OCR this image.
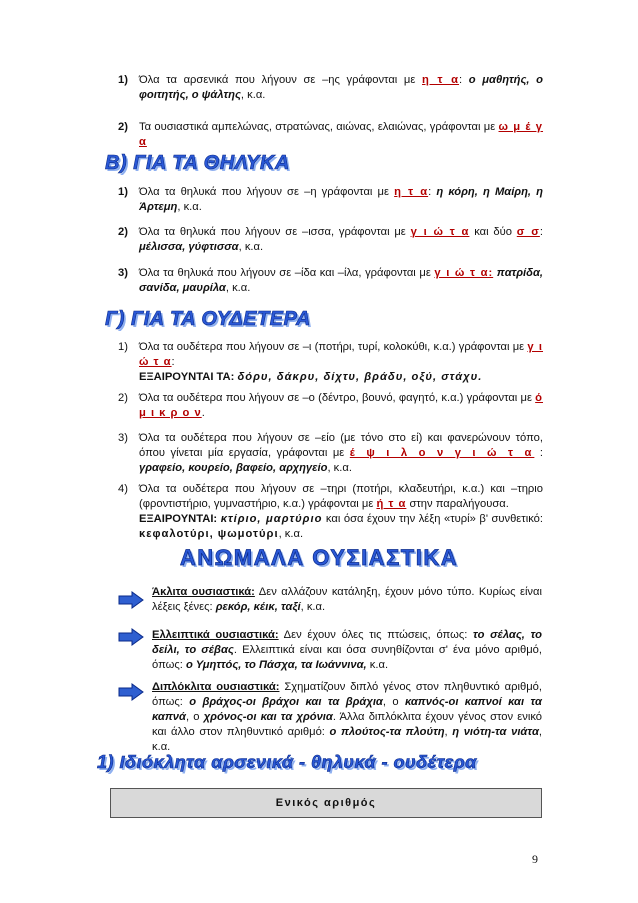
1) Όλα τα αρσενικά που λήγουν σε –ης γράφονται με η τ α: ο μαθητής, ο φοιτητής, ο ψάλτης, κ.α.
2) Τα ουσιαστικά αμπελώνας, στρατώνας, αιώνας, ελαιώνας, γράφονται με ω μ έ γ α
Β) ΓΙΑ ΤΑ ΘΗΛΥΚΑ
1) Όλα τα θηλυκά που λήγουν σε –η γράφονται με η τ α: η κόρη, η Μαίρη, η Άρτεμη, κ.α.
2) Όλα τα θηλυκά που λήγουν σε –ισσα, γράφονται με γ ι ώ τ α και δύο σ σ: μέλισσα, γύφτισσα, κ.α.
3) Όλα τα θηλυκά που λήγουν σε –ίδα και –ίλα, γράφονται με γ ι ώ τ α: πατρίδα, σανίδα, μαυρίλα, κ.α.
Γ) ΓΙΑ ΤΑ ΟΥΔΕΤΕΡΑ
1) Όλα τα ουδέτερα που λήγουν σε –ι (ποτήρι, τυρί, κολοκύθι, κ.α.) γράφονται με γ ι ώ τ α:
ΕΞΑΙΡΟΥΝΤΑΙ ΤΑ: δόρυ, δάκρυ, δίχτυ, βράδυ, οξύ, στάχυ.
2) Όλα τα ουδέτερα που λήγουν σε –ο (δέντρο, βουνό, φαγητό, κ.α.) γράφονται με ό μ ι κ ρ ο ν.
3) Όλα τα ουδέτερα που λήγουν σε –είο (με τόνο στο εί) και φανερώνουν τόπο, όπου γίνεται μία εργασία, γράφονται με έ ψ ι λ ο ν γ ι ώ τ α : γραφείο, κουρείο, βαφείο, αρχηγείο, κ.α.
4) Όλα τα ουδέτερα που λήγουν σε –τηρι (ποτήρι, κλαδευτήρι, κ.α.) και –τηριο (φροντιστήριο, γυμναστήριο, κ.α.) γράφονται με ή τ α στην παραλήγουσα.
ΕΞΑΙΡΟΥΝΤΑΙ: κτίριο, μαρτύριο και όσα έχουν την λέξη «τυρί» β' συνθετικό: κεφαλοτύρι, ψωμοτύρι, κ.α.
ΑΝΩΜΑΛΑ ΟΥΣΙΑΣΤΙΚΑ
Άκλιτα ουσιαστικά: Δεν αλλάζουν κατάληξη, έχουν μόνο τύπο. Κυρίως είναι λέξεις ξένες: ρεκόρ, κέικ, ταξί, κ.α.
Ελλειπτικά ουσιαστικά: Δεν έχουν όλες τις πτώσεις, όπως: το σέλας, το δείλι, το σέβας. Ελλειπτικά είναι και όσα συνηθίζονται σ' ένα μόνο αριθμό, όπως: ο Υμηττός, το Πάσχα, τα Ιωάννινα, κ.α.
Διπλόκλιτα ουσιαστικά: Σχηματίζουν διπλό γένος στον πληθυντικό αριθμό, όπως: ο βράχος-οι βράχοι και τα βράχια, ο καπνός-οι καπνοί και τα καπνά, ο χρόνος-οι και τα χρόνια. Άλλα διπλόκλιτα έχουν γένος στον ενικό και άλλο στον πληθυντικό αριθμό: ο πλούτος-τα πλούτη, η νιότη-τα νιάτα, κ.α.
1) Ιδιόκλητα αρσενικά - θηλυκά - ουδέτερα
Ενικός αριθμός
9
